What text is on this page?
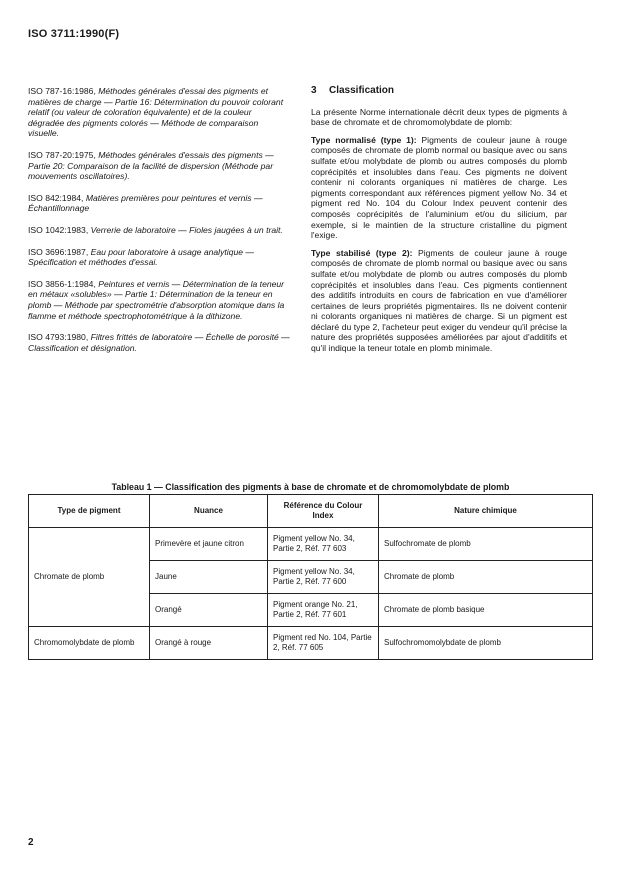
ISO 3711:1990(F)

ISO 787-16:1986, Méthodes générales d'essai des pigments et matières de charge — Partie 16: Détermination du pouvoir colorant relatif (ou valeur de coloration équivalente) et de la couleur dégradée des pigments colorés — Méthode de comparaison visuelle.

ISO 787-20:1975, Méthodes générales d'essais des pigments — Partie 20: Comparaison de la facilité de dispersion (Méthode par mouvements oscillatoires).

ISO 842:1984, Matières premières pour peintures et vernis — Échantillonnage

ISO 1042:1983, Verrerie de laboratoire — Fioles jaugées à un trait.

ISO 3696:1987, Eau pour laboratoire à usage analytique — Spécification et méthodes d'essai.

ISO 3856-1:1984, Peintures et vernis — Détermination de la teneur en métaux «solubles» — Partie 1: Détermination de la teneur en plomb — Méthode par spectrométrie d'absorption atomique dans la flamme et méthode spectrophotométrique à la dithizone.

ISO 4793:1980, Filtres frittés de laboratoire — Échelle de porosité — Classification et désignation.

3 Classification

La présente Norme internationale décrit deux types de pigments à base de chromate et de chromomolybdate de plomb:

Type normalisé (type 1): Pigments de couleur jaune à rouge composés de chromate de plomb normal ou basique avec ou sans sulfate et/ou molybdate de plomb ou autres composés du plomb coprécipités et insolubles dans l'eau. Ces pigments ne doivent contenir ni colorants organiques ni matières de charge. Les pigments correspondant aux références pigment yellow No. 34 et pigment red No. 104 du Colour Index peuvent contenir des composés coprécipités de l'aluminium et/ou du silicium, par exemple, si le maintien de la structure cristalline du pigment l'exige.

Type stabilisé (type 2): Pigments de couleur jaune à rouge composés de chromate de plomb normal ou basique avec ou sans sulfate et/ou molybdate de plomb ou autres composés du plomb coprécipités et insolubles dans l'eau. Ces pigments contiennent des additifs introduits en cours de fabrication en vue d'améliorer certaines de leurs propriétés pigmentaires. Ils ne doivent contenir ni colorants organiques ni matières de charge. Si un pigment est déclaré du type 2, l'acheteur peut exiger du vendeur qu'il précise la nature des propriétés supposées améliorées par ajout d'additifs et qu'il indique la teneur totale en plomb minimale.

Tableau 1 — Classification des pigments à base de chromate et de chromomolybdate de plomb
Type de pigment	Nuance	Référence du Colour Index	Nature chimique
Chromate de plomb	Primevère et jaune citron	Pigment yellow No. 34, Partie 2, Réf. 77 603	Sulfochromate de plomb
	Jaune	Pigment yellow No. 34, Partie 2, Réf. 77 600	Chromate de plomb
	Orangé	Pigment orange No. 21, Partie 2, Réf. 77 601	Chromate de plomb basique
Chromomolybdate de plomb	Orangé à rouge	Pigment red No. 104, Partie 2, Réf. 77 605	Sulfochromomolybdate de plomb
2
